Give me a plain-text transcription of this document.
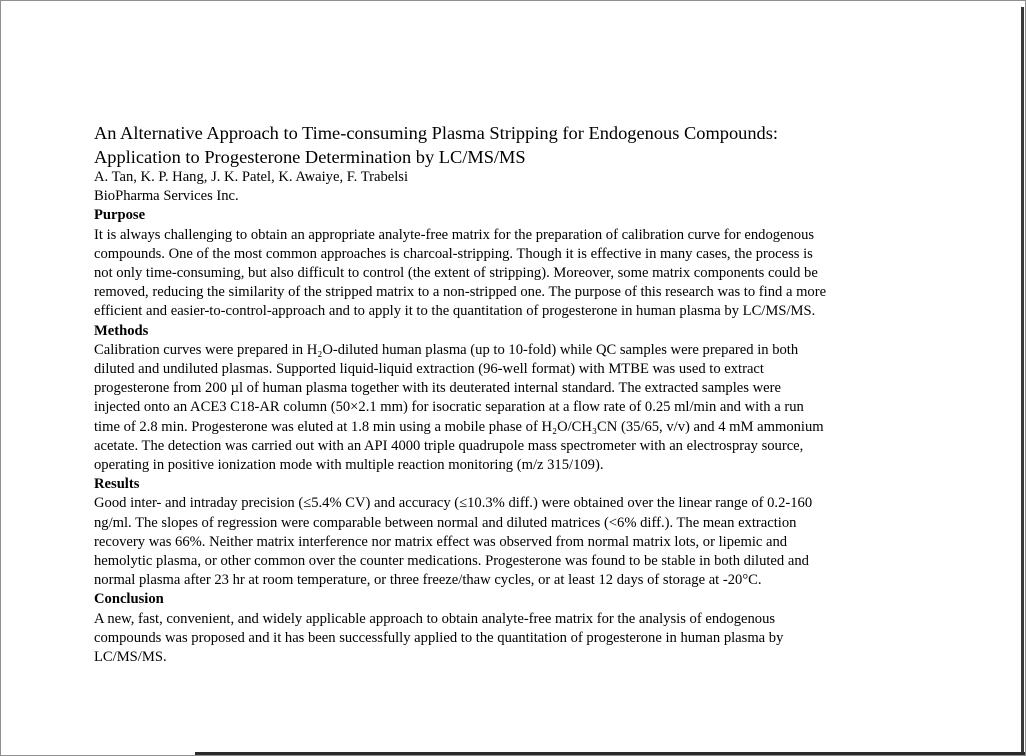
An Alternative Approach to Time-consuming Plasma Stripping for Endogenous Compounds:
Application to Progesterone Determination by LC/MS/MS

A. Tan, K. P. Hang, J. K. Patel, K. Awaiye, F. Trabelsi

BioPharma Services Inc.

Purpose

It is always challenging to obtain an appropriate analyte-free matrix for the preparation of calibration curve for endogenous
compounds. One of the most common approaches is charcoal-stripping. Though it is effective in many cases, the process is
not only time-consuming, but also difficult to control (the extent of stripping). Moreover, some matrix components could be
removed, reducing the similarity of the stripped matrix to a non-stripped one. The purpose of this research was to find a more
efficient and easier-to-control-approach and to apply it to the quantitation of progesterone in human plasma by LC/MS/MS.

Methods

Calibration curves were prepared in H₂O-diluted human plasma (up to 10-fold) while QC samples were prepared in both
diluted and undiluted plasmas. Supported liquid-liquid extraction (96-well format) with MTBE was used to extract
progesterone from 200 µl of human plasma together with its deuterated internal standard. The extracted samples were
injected onto an ACE3 C18-AR column (50×2.1 mm) for isocratic separation at a flow rate of 0.25 ml/min and with a run
time of 2.8 min. Progesterone was eluted at 1.8 min using a mobile phase of H₂O/CH₃CN (35/65, v/v) and 4 mM ammonium
acetate. The detection was carried out with an API 4000 triple quadrupole mass spectrometer with an electrospray source,
operating in positive ionization mode with multiple reaction monitoring (m/z 315/109).

Results

Good inter- and intraday precision (≤5.4% CV) and accuracy (≤10.3% diff.) were obtained over the linear range of 0.2-160
ng/ml. The slopes of regression were comparable between normal and diluted matrices (<6% diff.). The mean extraction
recovery was 66%. Neither matrix interference nor matrix effect was observed from normal matrix lots, or lipemic and
hemolytic plasma, or other common over the counter medications. Progesterone was found to be stable in both diluted and
normal plasma after 23 hr at room temperature, or three freeze/thaw cycles, or at least 12 days of storage at -20°C.

Conclusion

A new, fast, convenient, and widely applicable approach to obtain analyte-free matrix for the analysis of endogenous
compounds was proposed and it has been successfully applied to the quantitation of progesterone in human plasma by
LC/MS/MS.
